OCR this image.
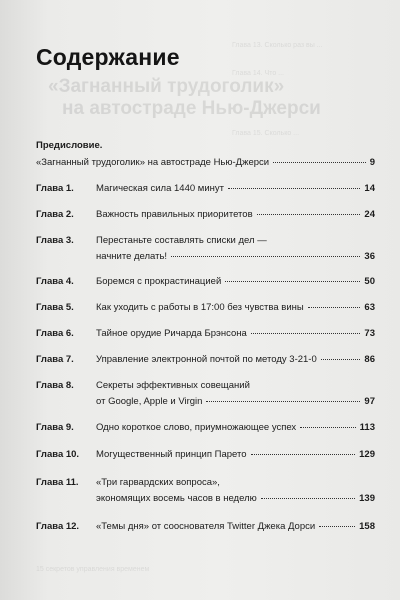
Глава 13. Сколько раз вы ...
Глава 14. Что ...
«Загнанный трудоголик»
на автостраде Нью-Джерси
Глава 15. Сколько ...
Содержание
Предисловие.
«Загнанный трудоголик» на автостраде Нью-Джерси	9
Глава 1.	Магическая сила 1440 минут	14
Глава 2.	Важность правильных приоритетов	24
Глава 3.	Перестаньте составлять списки дел —
начните делать!	36
Глава 4.	Боремся с прокрастинацией	50
Глава 5.	Как уходить с работы в 17:00 без чувства вины	63
Глава 6.	Тайное орудие Ричарда Брэнсона	73
Глава 7.	Управление электронной почтой по методу 3-21-0	86
Глава 8.	Секреты эффективных совещаний
от Google, Apple и Virgin	97
Глава 9.	Одно короткое слово, приумножающее успех	113
Глава 10.	Могущественный принцип Парето	129
Глава 11.	«Три гарвардских вопроса»,
экономящих восемь часов в неделю	139
Глава 12.	«Темы дня» от сооснователя Twitter Джека Дорси	158
15 секретов управления временем
